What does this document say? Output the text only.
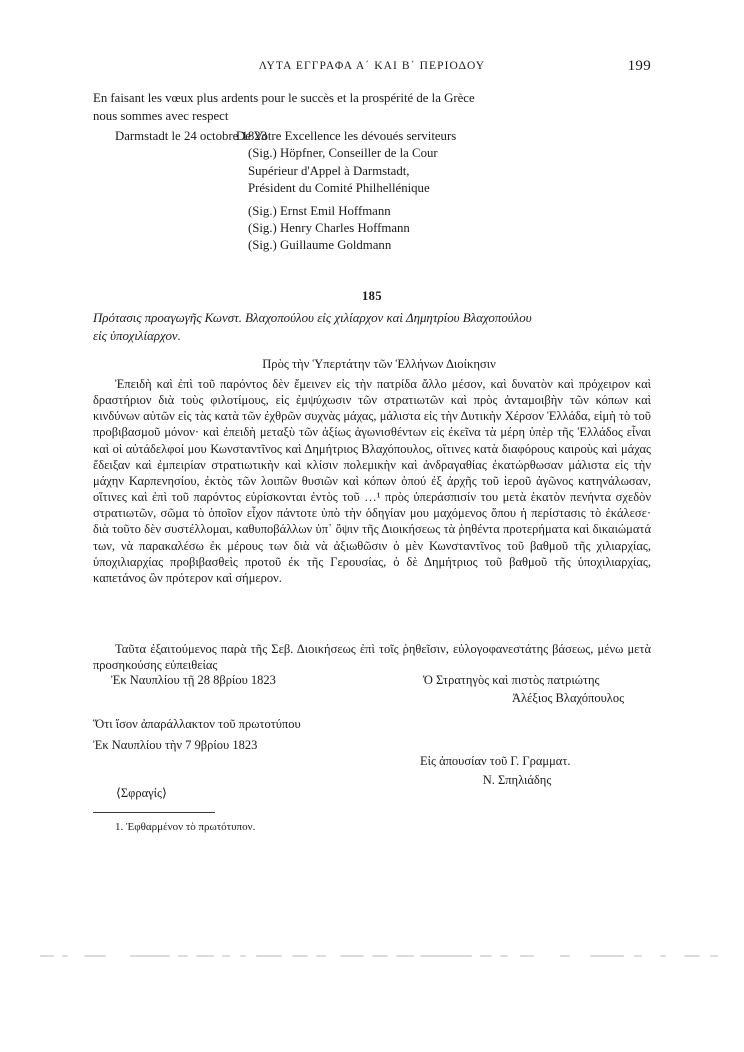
ΛΥΤΑ ΕΓΓΡΑΦΑ Α΄ ΚΑΙ Β΄ ΠΕΡΙΟΔΟΥ	199

En faisant les vœux plus ardents pour le succès et la prospérité de la Grèce

nous sommes avec respect

Darmstadt le 24 octobre 1823

De Votre Excellence les dévoués serviteurs

(Sig.) Höpfner, Conseiller de la Cour

Supérieur d'Appel à Darmstadt,

Président du Comité Philhellénique

(Sig.) Ernst Emil Hoffmann

(Sig.) Henry Charles Hoffmann

(Sig.) Guillaume Goldmann

185

Πρότασις προαγωγῆς Κωνστ. Βλαχοπούλου εἰς χιλίαρχον καὶ Δημητρίου Βλαχοπούλου

εἰς ὑποχιλίαρχον.

Πρὸς τὴν Ὑπερτάτην τῶν Ἑλλήνων Διοίκησιν

Ἐπειδὴ καὶ ἐπὶ τοῦ παρόντος δὲν ἔμεινεν εἰς τὴν πατρίδα ἄλλο μέσον, καὶ δυνατὸν καὶ πρόχειρον καὶ δραστήριον διὰ τοὺς φιλοτίμους, εἰς ἐμψύχωσιν τῶν στρατιωτῶν καὶ πρὸς ἀνταμοιβὴν τῶν κόπων καὶ κινδύνων αὐτῶν εἰς τὰς κατὰ τῶν ἐχθρῶν συχνὰς μάχας, μάλιστα εἰς τὴν Δυτικὴν Χέρσον Ἑλλάδα, εἰμὴ τὸ τοῦ προβιβασμοῦ μόνον· καὶ ἐπειδὴ μεταξὺ τῶν ἀξίως ἀγωνισθέντων εἰς ἐκεῖνα τὰ μέρη ὑπὲρ τῆς Ἑλλάδος εἶναι καὶ οἱ αὐτάδελφοί μου Κωνσταντῖνος καὶ Δημήτριος Βλαχόπουλος, οἵτινες κατὰ διαφόρους καιροὺς καὶ μάχας ἔδειξαν καὶ ἐμπειρίαν στρατιωτικὴν καὶ κλίσιν πολεμικὴν καὶ ἀνδραγαθίας ἐκατώρθωσαν μάλιστα εἰς τὴν μάχην Καρπενησίου, ἐκτὸς τῶν λοιπῶν θυσιῶν καὶ κόπων ὁπού ἐξ ἀρχῆς τοῦ ἱεροῦ ἀγῶνος κατηνάλωσαν, οἵτινες καὶ ἐπὶ τοῦ παρόντος εὑρίσκονται ἐντὸς τοῦ …¹ πρὸς ὑπεράσπισίν του μετὰ ἑκατὸν πενήντα σχεδὸν στρατιωτῶν, σῶμα τὸ ὁποῖον εἶχον πάντοτε ὑπὸ τὴν ὁδηγίαν μου μαχόμενος ὅπου ἡ περίστασις τὸ ἐκάλεσε· διὰ τοῦτο δὲν συστέλλομαι, καθυποβάλλων ὑπ᾿ ὄψιν τῆς Διοικήσεως τὰ ῥηθέντα προτερήματα καὶ δικαιώματά των, νὰ παρακαλέσω ἐκ μέρους των διὰ νὰ ἀξιωθῶσιν ὁ μὲν Κωνσταντῖνος τοῦ βαθμοῦ τῆς χιλιαρχίας, ὑποχιλιαρχίας προβιβασθεὶς προτοῦ ἐκ τῆς Γερουσίας, ὁ δὲ Δημήτριος τοῦ βαθμοῦ τῆς ὑποχιλιαρχίας, καπετάνος ὢν πρότερον καὶ σήμερον.

Ταῦτα ἐξαιτούμενος παρὰ τῆς Σεβ. Διοικήσεως ἐπὶ τοῖς ῥηθεῖσιν, εὐλογοφανεστάτης βάσεως, μένω μετὰ προσηκούσης εὐπειθείας

Ἐκ Ναυπλίου τῇ 28 8βρίου 1823	Ὁ Στρατηγὸς καὶ πιστὸς πατριώτης
Ἀλέξιος Βλαχόπουλος

Ὅτι ἴσον ἀπαράλλακτον τοῦ πρωτοτύπου

Ἐκ Ναυπλίου τὴν 7 9βρίου 1823

Εἰς ἀπουσίαν τοῦ Γ. Γραμματ.

Ν. Σπηλιάδης

⟨Σφραγίς⟩

1. Ἐφθαρμένον τὸ πρωτότυπον.
